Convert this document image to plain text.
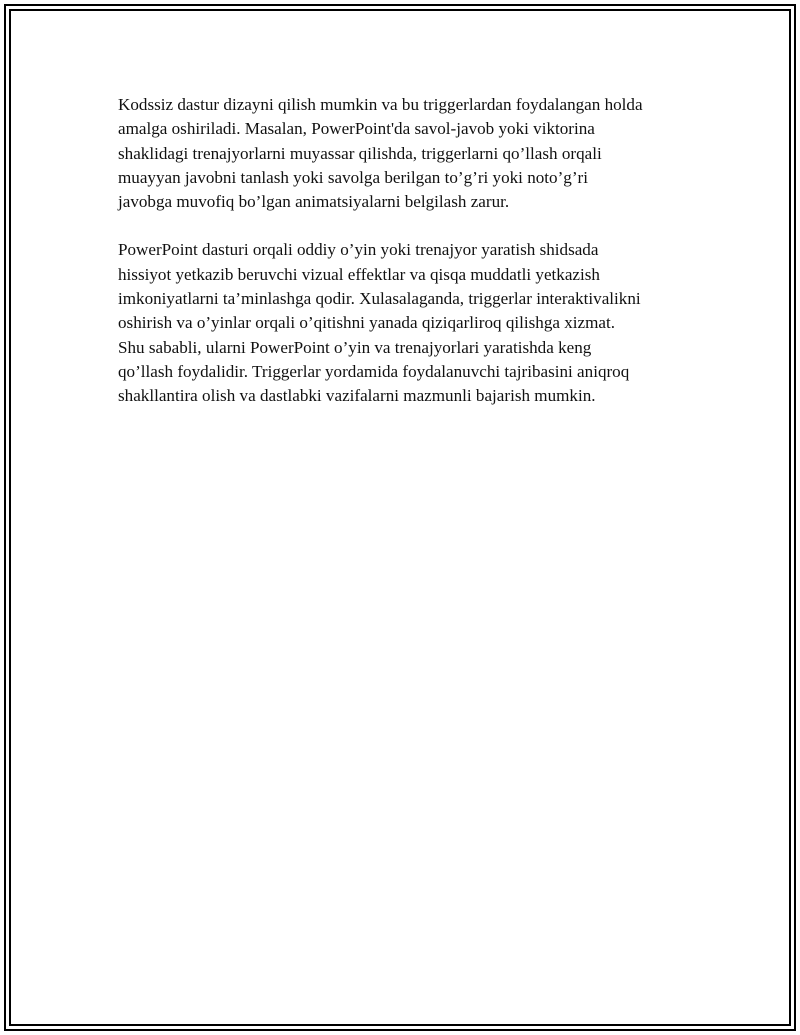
Kodssiz dastur dizayni qilish mumkin va bu triggerlardan foydalangan holda
amalga oshiriladi. Masalan, PowerPoint'da savol-javob yoki viktorina
shaklidagi trenajyorlarni muyassar qilishda, triggerlarni qo’llash orqali
muayyan javobni tanlash yoki savolga berilgan to’g’ri yoki noto’g’ri
javobga muvofiq bo’lgan animatsiyalarni belgilash zarur.

PowerPoint dasturi orqali oddiy o’yin yoki trenajyor yaratish shidsada
hissiyot yetkazib beruvchi vizual effektlar va qisqa muddatli yetkazish
imkoniyatlarni ta’minlashga qodir. Xulasalaganda, triggerlar interaktivalikni
oshirish va o’yinlar orqali o’qitishni yanada qiziqarliroq qilishga xizmat.
Shu sababli, ularni PowerPoint o’yin va trenajyorlari yaratishda keng
qo’llash foydalidir. Triggerlar yordamida foydalanuvchi tajribasini aniqroq
shakllantira olish va dastlabki vazifalarni mazmunli bajarish mumkin.
